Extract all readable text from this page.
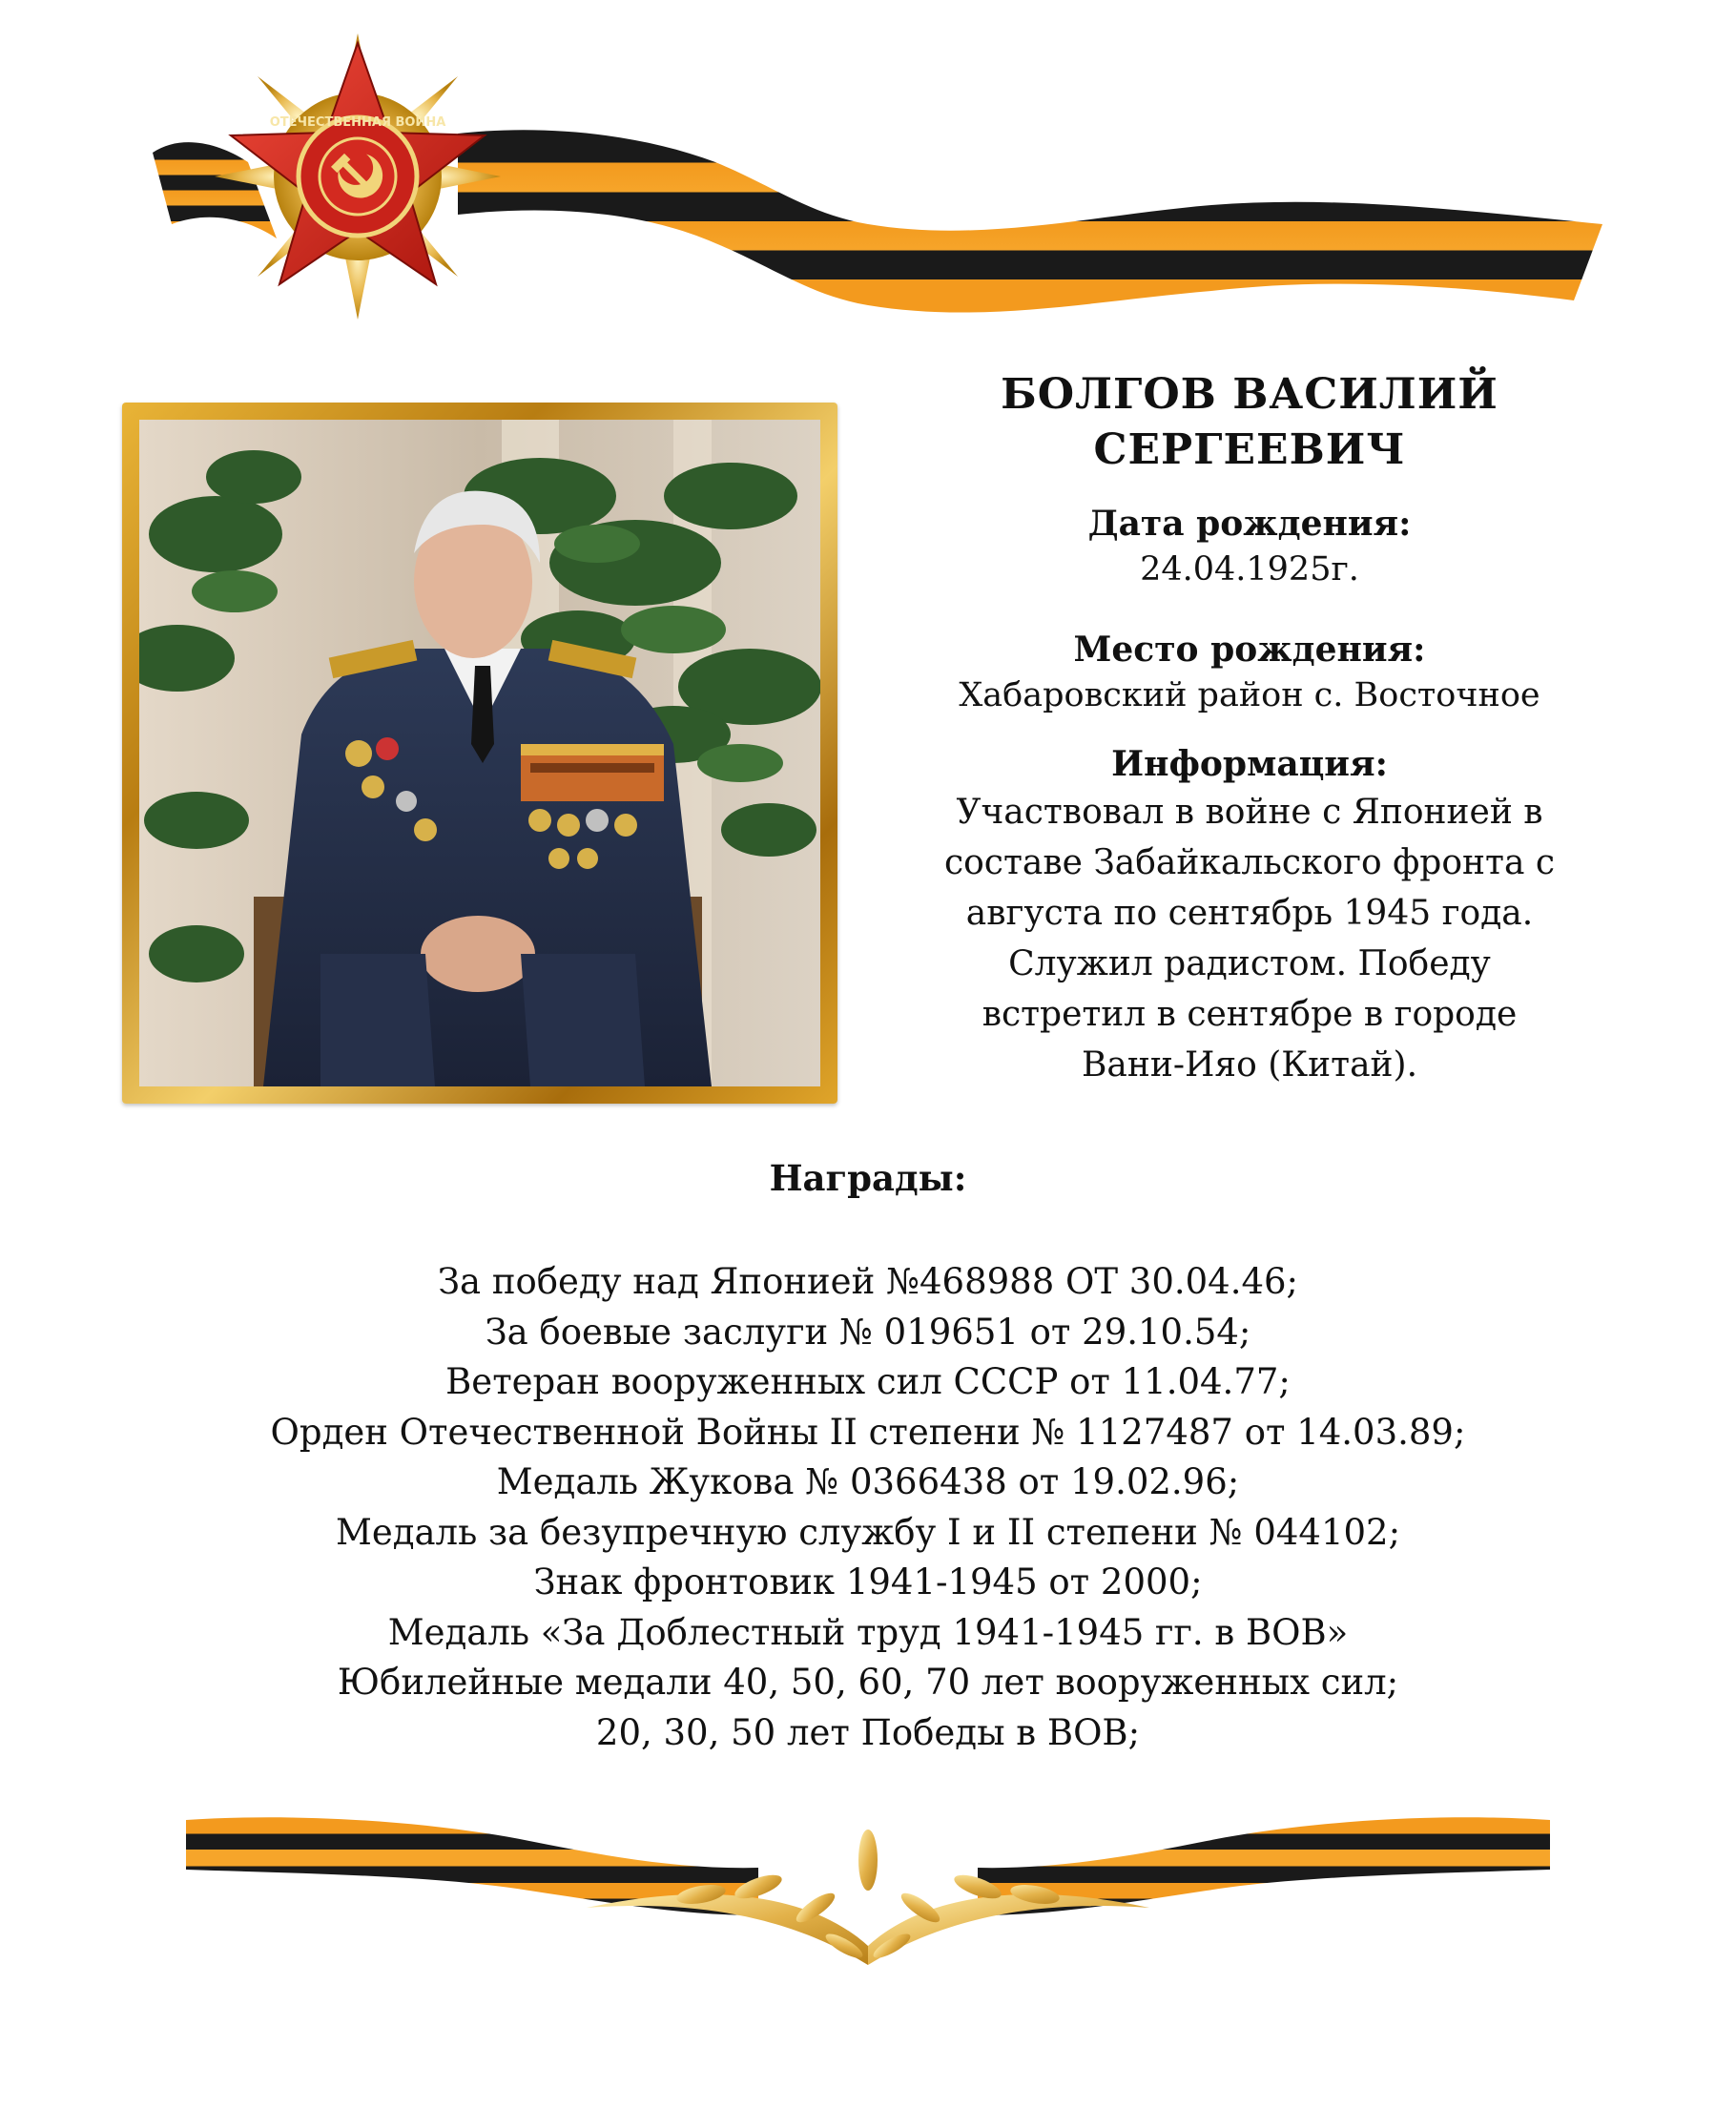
ОТЕЧЕСТВЕННАЯ ВОЙНА

БОЛГОВ ВАСИЛИЙ

СЕРГЕЕВИЧ

Дата рождения:

24.04.1925г.

Место рождения:

Хабаровский район с. Восточное

Информация:

Участвовал в войне с Японией в

составе Забайкальского фронта с

августа по сентябрь 1945 года.

Служил радистом. Победу

встретил в сентябре в городе

Вани-Ияо (Китай).

Награды:
За победу над Японией №468988 ОТ 30.04.46;
За боевые заслуги № 019651 от 29.10.54;
Ветеран вооруженных сил СССР от 11.04.77;
Орден Отечественной Войны II степени № 1127487 от 14.03.89;
Медаль Жукова № 0366438 от 19.02.96;
Медаль за безупречную службу I и II степени № 044102;
Знак фронтовик 1941-1945 от 2000;
Медаль «За Доблестный труд 1941-1945 гг. в ВОВ»
Юбилейные медали 40, 50, 60, 70 лет вооруженных сил;
20, 30, 50 лет Победы в ВОВ;
